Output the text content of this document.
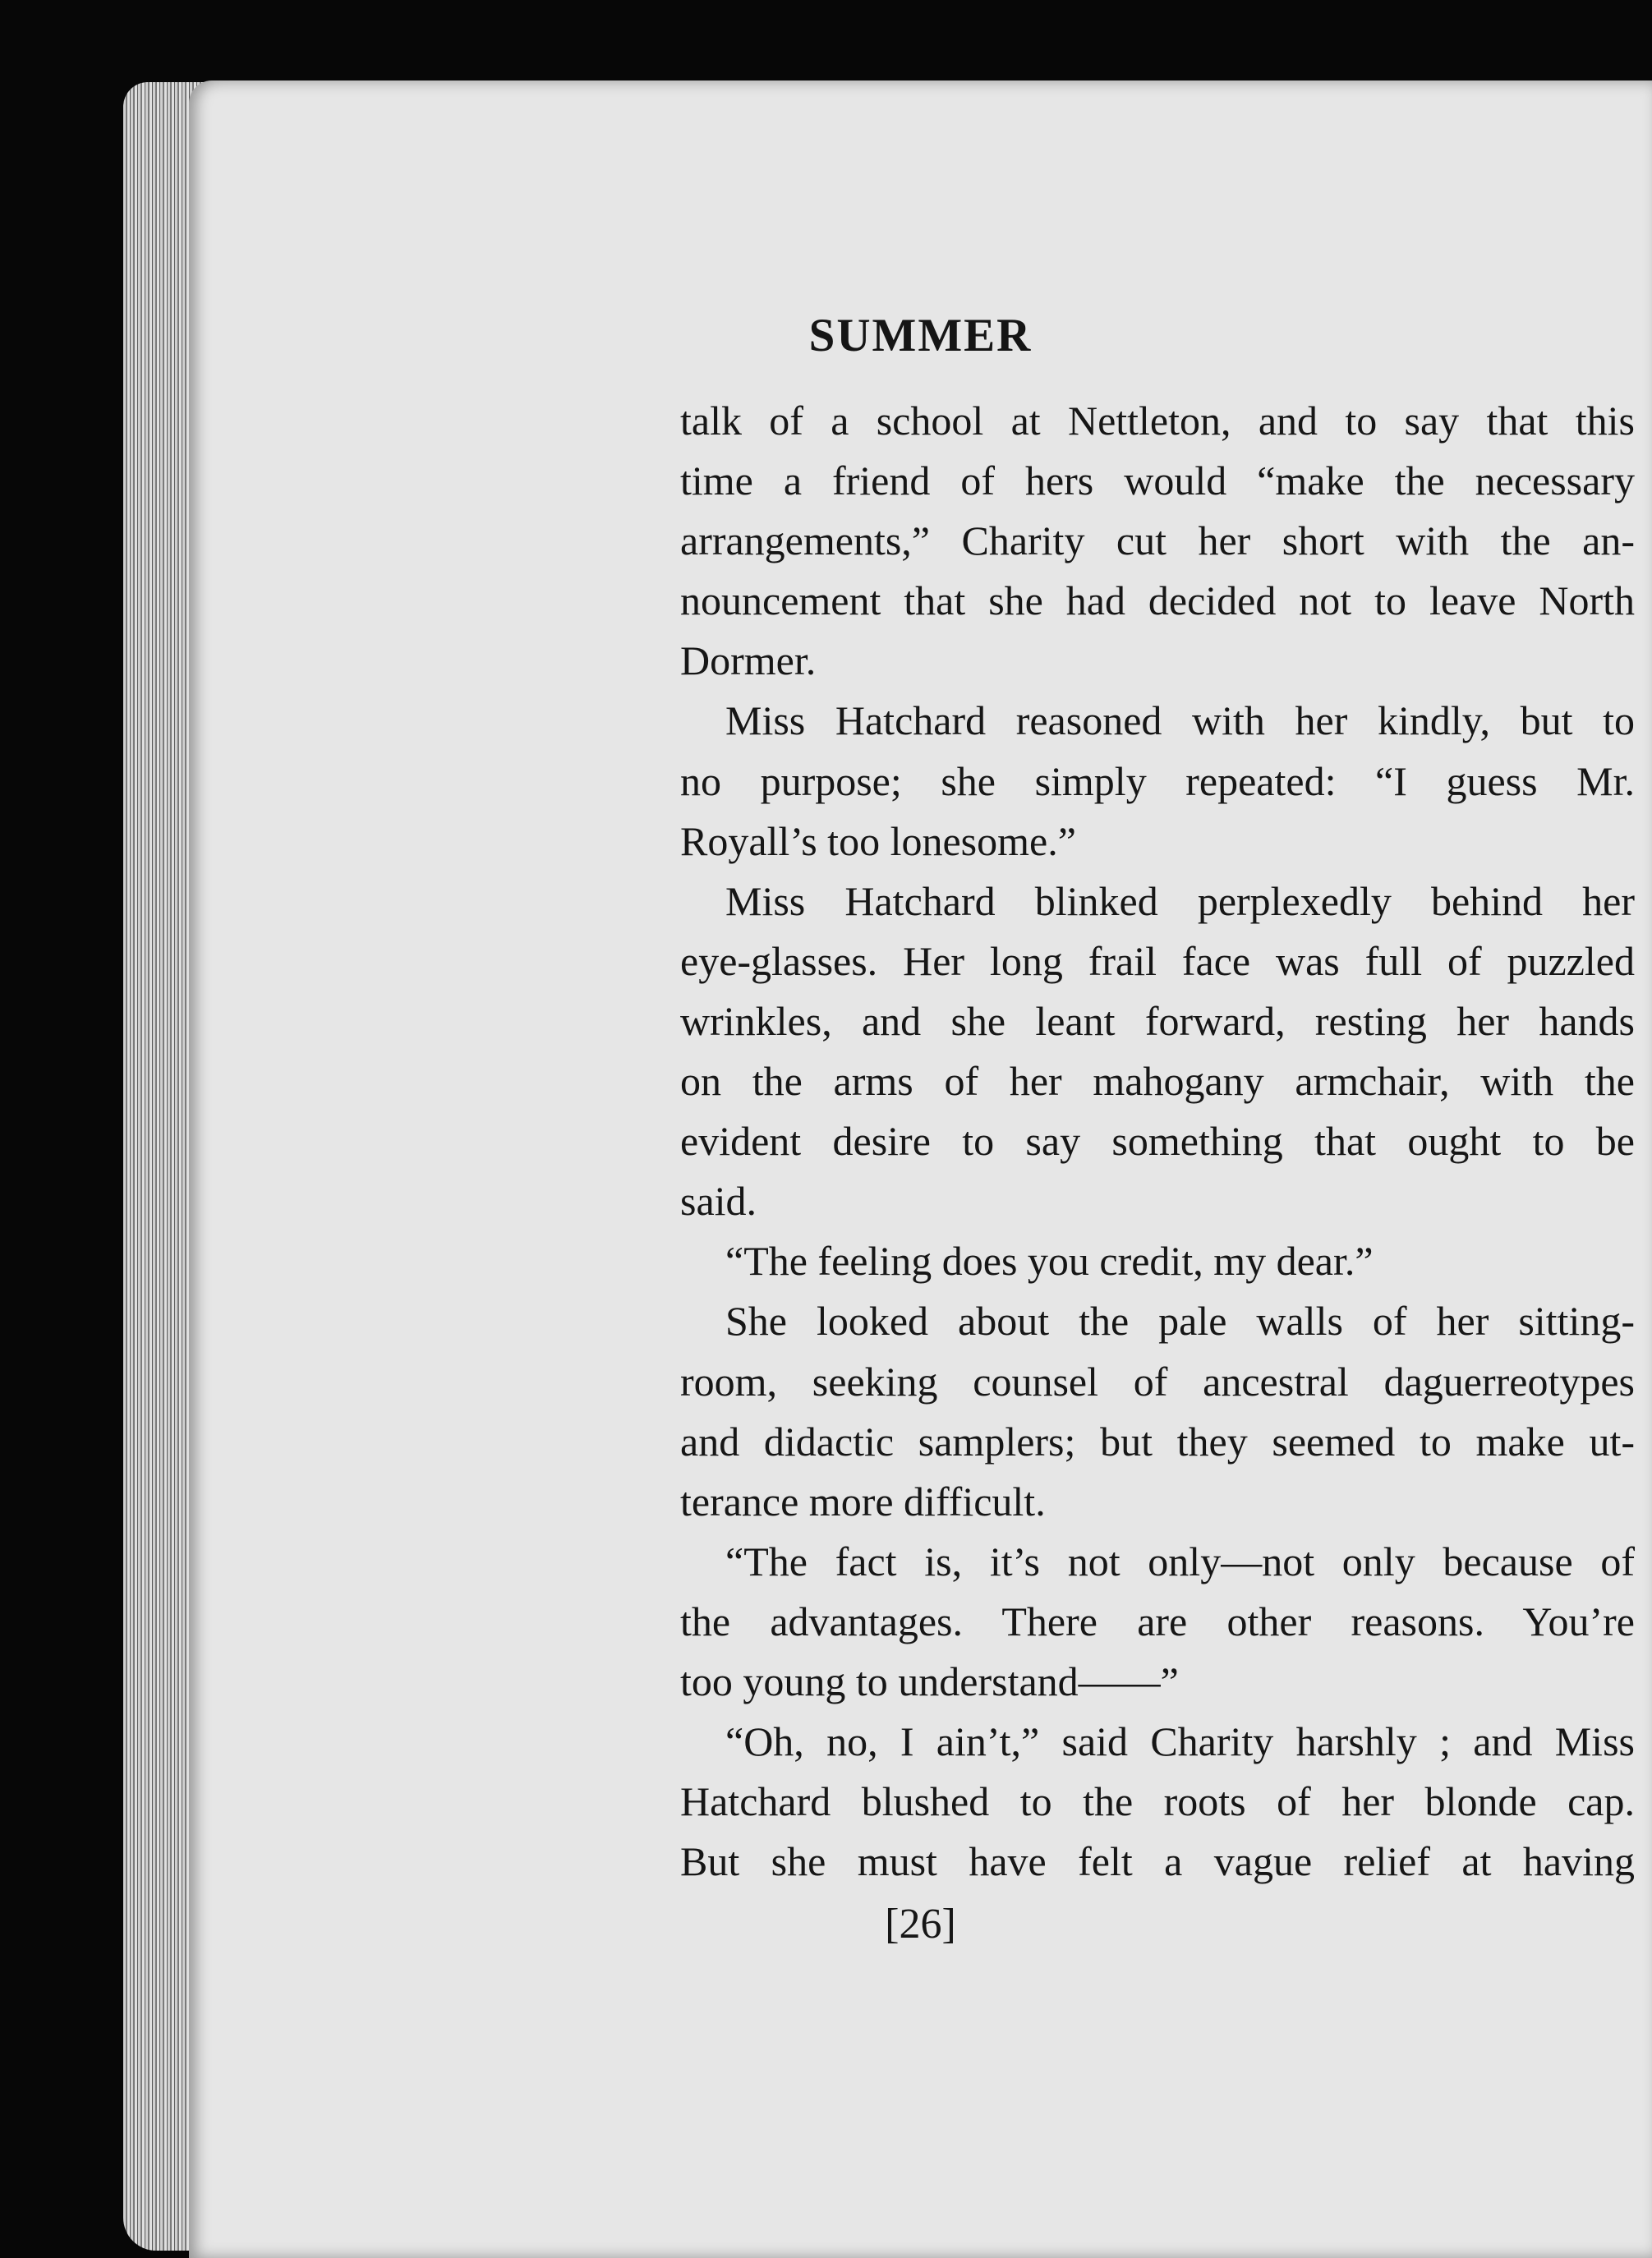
SUMMER

talk of a school at Nettleton, and to say that this

time a friend of hers would “make the necessary

arrangements,” Charity cut her short with the an-

nouncement that she had decided not to leave North

Dormer.

Miss Hatchard reasoned with her kindly, but to

no purpose; she simply repeated: “I guess Mr.

Royall’s too lonesome.”

Miss Hatchard blinked perplexedly behind her

eye-glasses. Her long frail face was full of puzzled

wrinkles, and she leant forward, resting her hands

on the arms of her mahogany armchair, with the

evident desire to say something that ought to be

said.

“The feeling does you credit, my dear.”

She looked about the pale walls of her sitting-

room, seeking counsel of ancestral daguerreotypes

and didactic samplers; but they seemed to make ut-

terance more difficult.

“The fact is, it’s not only—not only because of

the advantages. There are other reasons. You’re

too young to understand——”

“Oh, no, I ain’t,” said Charity harshly ; and Miss

Hatchard blushed to the roots of her blonde cap.

But she must have felt a vague relief at having

[26]
